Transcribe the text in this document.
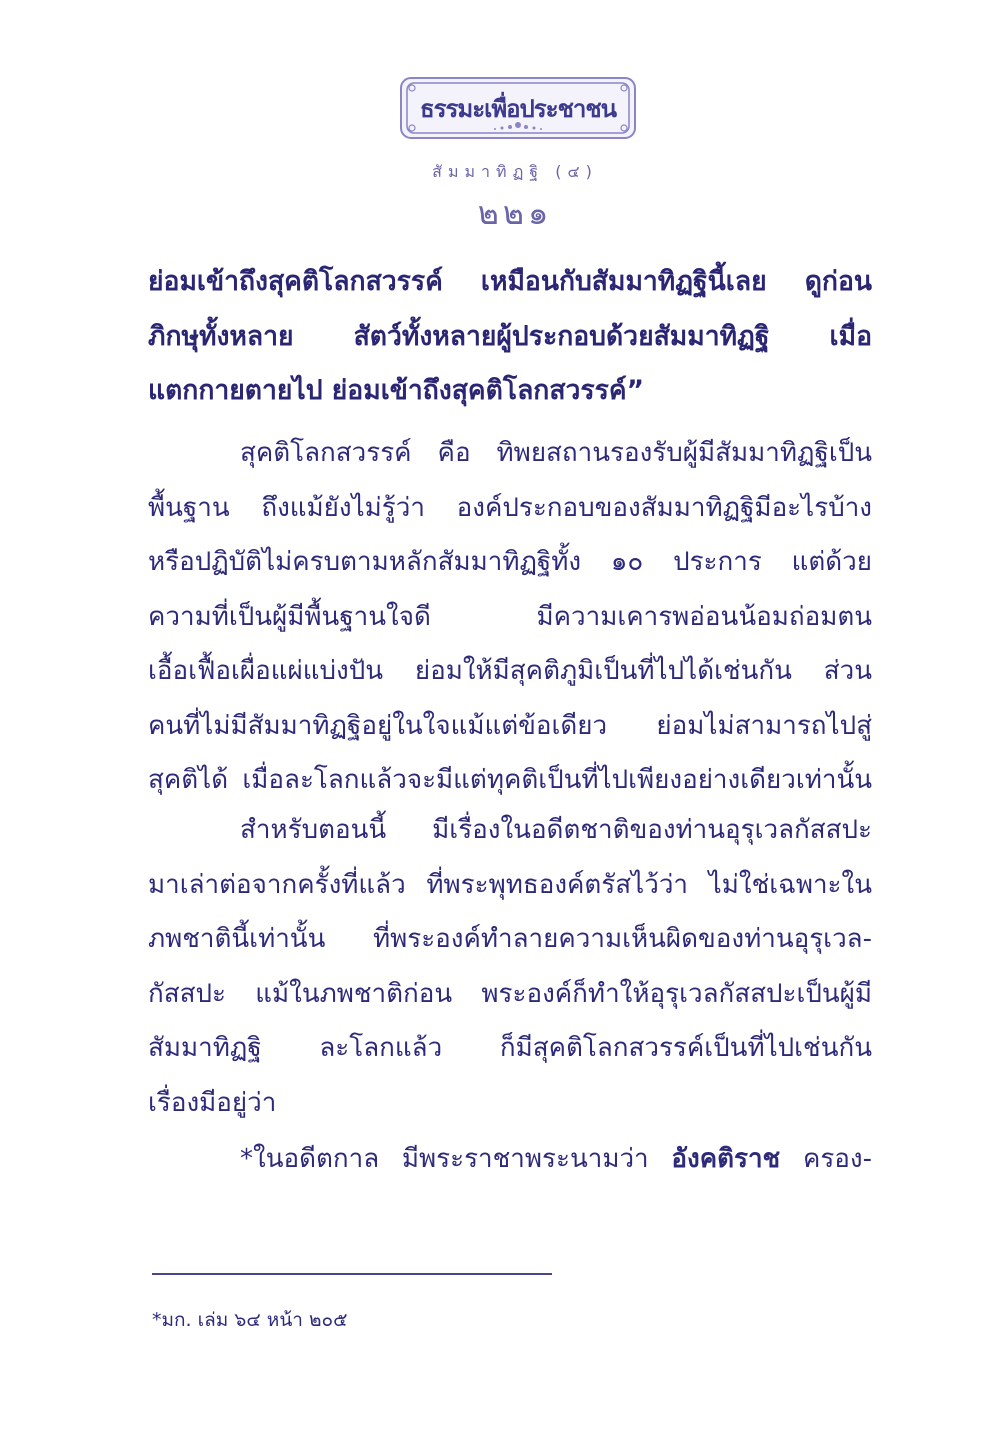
ธรรมะเพื่อประชาชน
สัมมาทิฏฐิ (๔)
๒๒๑
ย่อมเข้าถึงสุคติโลกสวรรค์ เหมือนกับสัมมาทิฏฐินี้เลย ดูก่อน
ภิกษุทั้งหลาย สัตว์ทั้งหลายผู้ประกอบด้วยสัมมาทิฏฐิ เมื่อ
แตกกายตายไป ย่อมเข้าถึงสุคติโลกสวรรค์”
สุคติโลกสวรรค์ คือ ทิพยสถานรองรับผู้มีสัมมาทิฏฐิเป็น
พื้นฐาน ถึงแม้ยังไม่รู้ว่า องค์ประกอบของสัมมาทิฏฐิมีอะไรบ้าง
หรือปฏิบัติไม่ครบตามหลักสัมมาทิฏฐิทั้ง ๑๐ ประการ แต่ด้วย
ความที่เป็นผู้มีพื้นฐานใจดี มีความเคารพอ่อนน้อมถ่อมตน
เอื้อเฟื้อเผื่อแผ่แบ่งปัน ย่อมให้มีสุคติภูมิเป็นที่ไปได้เช่นกัน ส่วน
คนที่ไม่มีสัมมาทิฏฐิอยู่ในใจแม้แต่ข้อเดียว ย่อมไม่สามารถไปสู่
สุคติได้ เมื่อละโลกแล้วจะมีแต่ทุคติเป็นที่ไปเพียงอย่างเดียวเท่านั้น
สำหรับตอนนี้ มีเรื่องในอดีตชาติของท่านอุรุเวลกัสสปะ
มาเล่าต่อจากครั้งที่แล้ว ที่พระพุทธองค์ตรัสไว้ว่า ไม่ใช่เฉพาะใน
ภพชาตินี้เท่านั้น ที่พระองค์ทำลายความเห็นผิดของท่านอุรุเวล-
กัสสปะ แม้ในภพชาติก่อน พระองค์ก็ทำให้อุรุเวลกัสสปะเป็นผู้มี
สัมมาทิฏฐิ ละโลกแล้ว ก็มีสุคติโลกสวรรค์เป็นที่ไปเช่นกัน
เรื่องมีอยู่ว่า
*ในอดีตกาล มีพระราชาพระนามว่า อังคติราช ครอง-
*มก. เล่ม ๖๔ หน้า ๒๐๕
